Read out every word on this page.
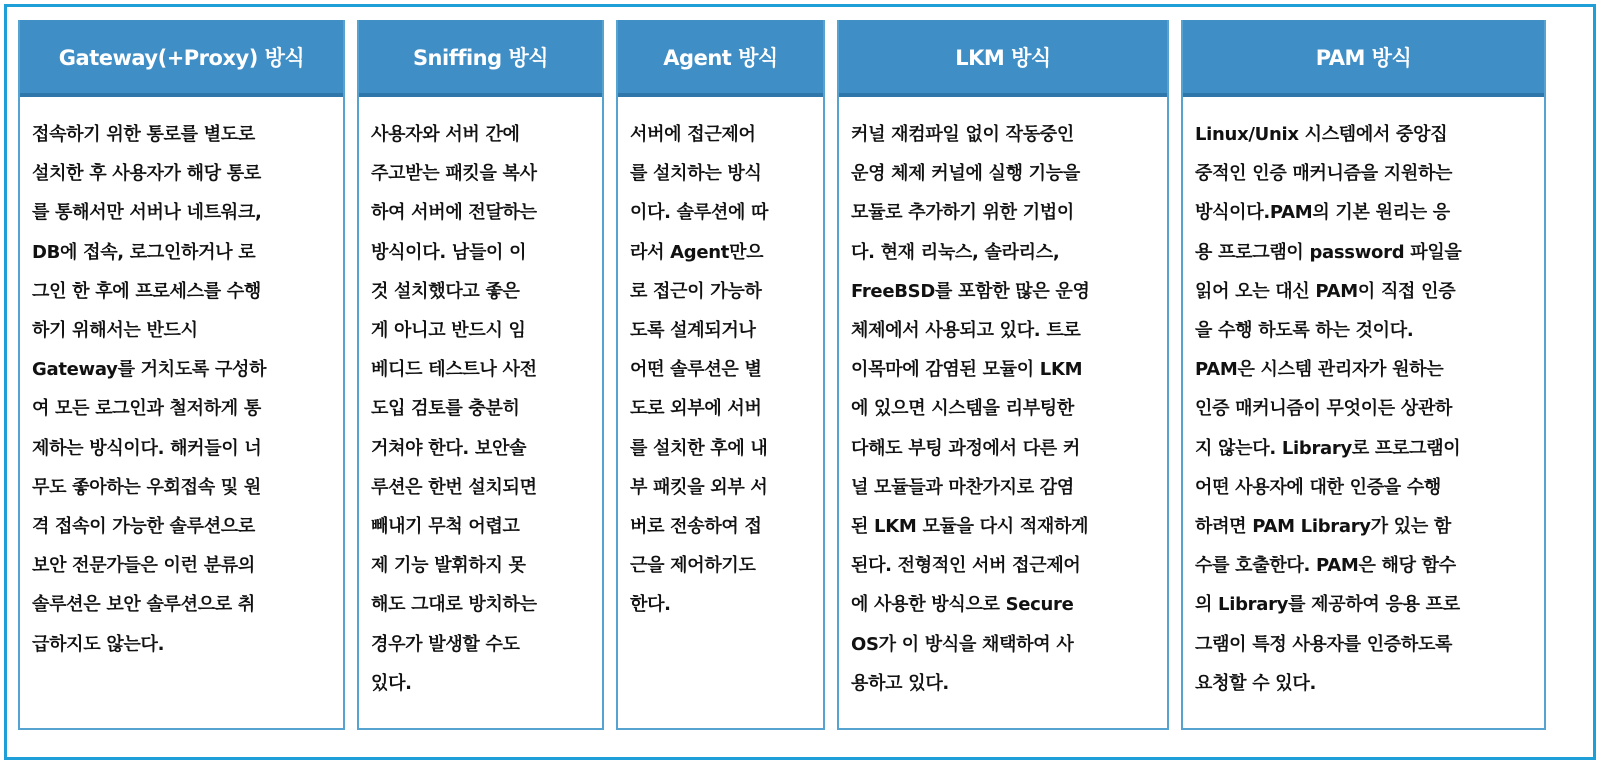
Gateway(+Proxy) 방식
접속하기 위한 통로를 별도로
설치한 후 사용자가 해당 통로
를 통해서만 서버나 네트워크,
DB에 접속, 로그인하거나 로
그인 한 후에 프로세스를 수행
하기 위해서는 반드시
Gateway를 거치도록 구성하
여 모든 로그인과 철저하게 통
제하는 방식이다. 해커들이 너
무도 좋아하는 우회접속 및 원
격 접속이 가능한 솔루션으로
보안 전문가들은 이런 분류의
솔루션은 보안 솔루션으로 취
급하지도 않는다.
Sniffing 방식
사용자와 서버 간에
주고받는 패킷을 복사
하여 서버에 전달하는
방식이다. 남들이 이
것 설치했다고 좋은
게 아니고 반드시 임
베디드 테스트나 사전
도입 검토를 충분히
거쳐야 한다. 보안솔
루션은 한번 설치되면
빼내기 무척 어렵고
제 기능 발휘하지 못
해도 그대로 방치하는
경우가 발생할 수도
있다.
Agent 방식
서버에 접근제어
를 설치하는 방식
이다. 솔루션에 따
라서 Agent만으
로 접근이 가능하
도록 설계되거나
어떤 솔루션은 별
도로 외부에 서버
를 설치한 후에 내
부 패킷을 외부 서
버로 전송하여 접
근을 제어하기도
한다.
LKM 방식
커널 재컴파일 없이 작동중인
운영 체제 커널에 실행 기능을
모듈로 추가하기 위한 기법이
다. 현재 리눅스, 솔라리스,
FreeBSD를 포함한 많은 운영
체제에서 사용되고 있다. 트로
이목마에 감염된 모듈이 LKM
에 있으면 시스템을 리부팅한
다해도 부팅 과정에서 다른 커
널 모듈들과 마찬가지로 감염
된 LKM 모듈을 다시 적재하게
된다. 전형적인 서버 접근제어
에 사용한 방식으로 Secure
OS가 이 방식을 채택하여 사
용하고 있다.
PAM 방식
Linux/Unix 시스템에서 중앙집
중적인 인증 매커니즘을 지원하는
방식이다.PAM의 기본 원리는 응
용 프로그램이 password 파일을
읽어 오는 대신 PAM이 직접 인증
을 수행 하도록 하는 것이다.
PAM은 시스템 관리자가 원하는
인증 매커니즘이 무엇이든 상관하
지 않는다. Library로 프로그램이
어떤 사용자에 대한 인증을 수행
하려면 PAM Library가 있는 함
수를 호출한다. PAM은 해당 함수
의 Library를 제공하여 응용 프로
그램이 특정 사용자를 인증하도록
요청할 수 있다.
